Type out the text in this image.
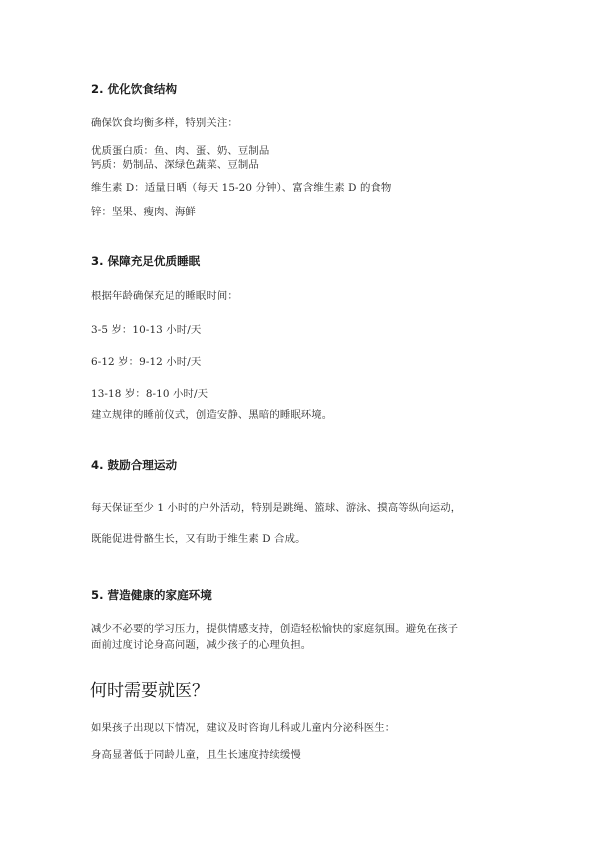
2. 优化饮食结构
确保饮食均衡多样，特别关注：
优质蛋白质：鱼、肉、蛋、奶、豆制品
钙质：奶制品、深绿色蔬菜、豆制品
维生素 D：适量日晒（每天 15-20 分钟）、富含维生素 D 的食物
锌：坚果、瘦肉、海鲜
3. 保障充足优质睡眠
根据年龄确保充足的睡眠时间：
3-5 岁：10-13 小时/天
6-12 岁：9-12 小时/天
13-18 岁：8-10 小时/天
建立规律的睡前仪式，创造安静、黑暗的睡眠环境。
4. 鼓励合理运动
每天保证至少 1 小时的户外活动，特别是跳绳、篮球、游泳、摸高等纵向运动，
既能促进骨骼生长，又有助于维生素 D 合成。
5. 营造健康的家庭环境
减少不必要的学习压力，提供情感支持，创造轻松愉快的家庭氛围。避免在孩子
面前过度讨论身高问题，减少孩子的心理负担。
何时需要就医？
如果孩子出现以下情况，建议及时咨询儿科或儿童内分泌科医生：
身高显著低于同龄儿童，且生长速度持续缓慢
